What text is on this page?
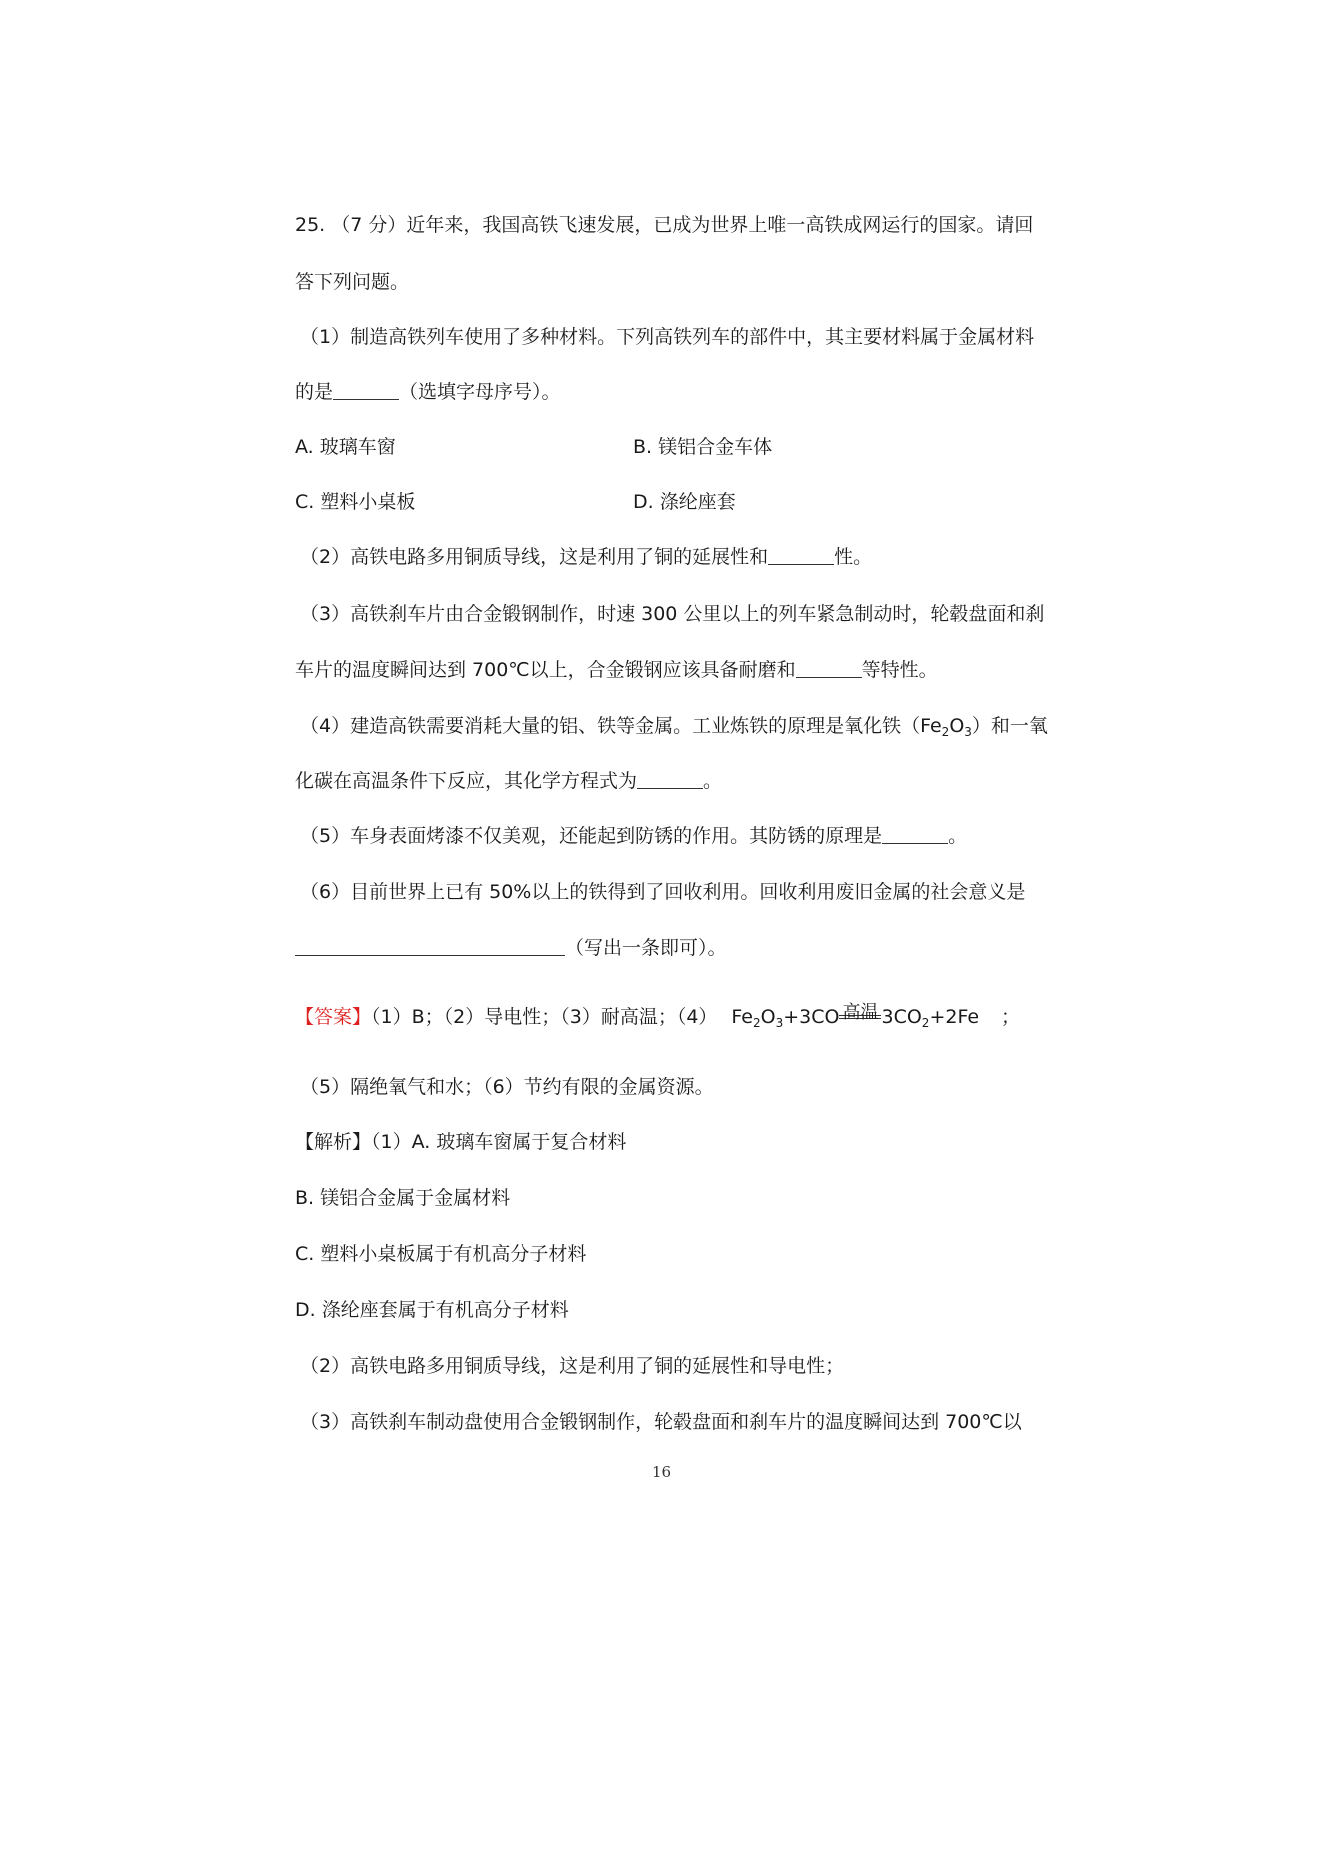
25. （7 分）近年来，我国高铁飞速发展，已成为世界上唯一高铁成网运行的国家。请回
答下列问题。
（1）制造高铁列车使用了多种材料。下列高铁列车的部件中，其主要材料属于金属材料
的是	（选填字母序号）。
A. 玻璃车窗	B. 镁铝合金车体
C. 塑料小桌板	D. 涤纶座套
（2）高铁电路多用铜质导线，这是利用了铜的延展性和	性。
（3）高铁刹车片由合金锻钢制作，时速 300 公里以上的列车紧急制动时，轮毂盘面和刹
车片的温度瞬间达到 700℃以上，合金锻钢应该具备耐磨和	等特性。
（4）建造高铁需要消耗大量的铝、铁等金属。工业炼铁的原理是氧化铁$(Fe_2O_3)$和一氧
化碳在高温条件下反应，其化学方程式为	。
（5）车身表面烤漆不仅美观，还能起到防锈的作用。其防锈的原理是	。
（6）目前世界上已有 50%以上的铁得到了回收利用。回收利用废旧金属的社会意义是
（写出一条即可）。
【答案】（1）B；（2）导电性；（3）耐高温；（4） $Fe_2O_3+3CO$ 高温 $3CO_2+2Fe$ ；
（5）隔绝氧气和水；（6）节约有限的金属资源。
【解析】（1）A. 玻璃车窗属于复合材料
B. 镁铝合金属于金属材料
C. 塑料小桌板属于有机高分子材料
D. 涤纶座套属于有机高分子材料
（2）高铁电路多用铜质导线，这是利用了铜的延展性和导电性；
（3）高铁刹车制动盘使用合金锻钢制作，轮毂盘面和刹车片的温度瞬间达到 700℃以
16
